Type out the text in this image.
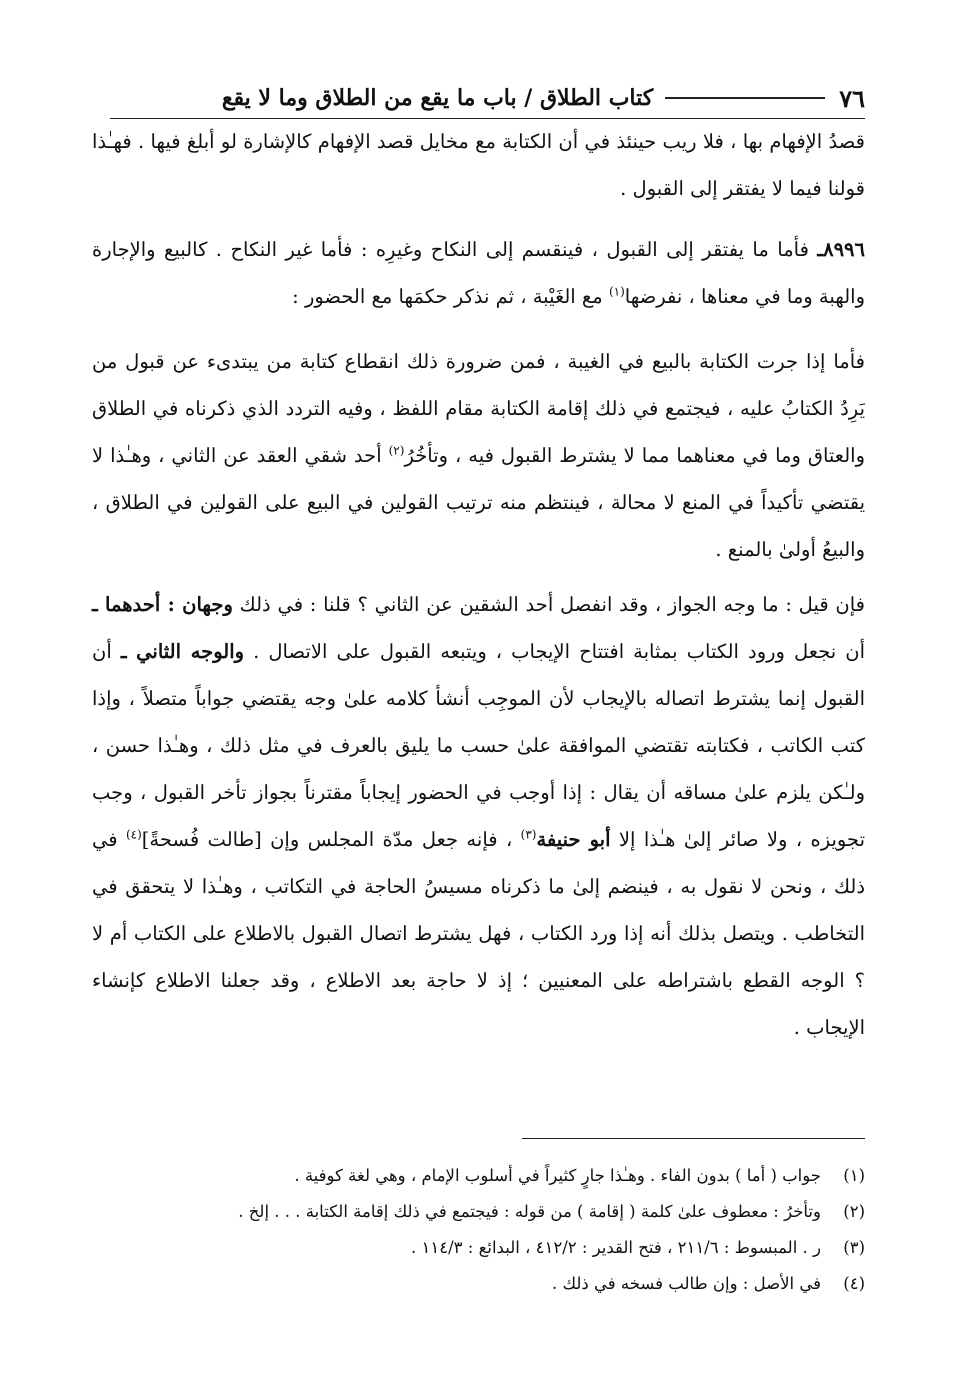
٧٦
كتاب الطلاق / باب ما يقع من الطلاق وما لا يقع

قصدُ الإفهام بها ، فلا ريب حينئذ في أن الكتابة مع مخايل قصد الإفهام كالإشارة لو أبلغ فيها . فهـٰذا قولنا فيما لا يفتقر إلى القبول .

٨٩٩٦ـ فأما ما يفتقر إلى القبول ، فينقسم إلى النكاح وغيرِه : فأما غير النكاح . كالبيع والإجارة والهبة وما في معناها ، نفرضها$^{(١)}$ مع الغَيْبة ، ثم نذكر حكمَها مع الحضور :

فأما إذا جرت الكتابة بالبيع في الغيبة ، فمن ضرورة ذلك انقطاع كتابة من يبتدىء عن قبول من يَرِدُ الكتابُ عليه ، فيجتمع في ذلك إقامة الكتابة مقام اللفظ ، وفيه التردد الذي ذكرناه في الطلاق والعتاق وما في معناهما مما لا يشترط القبول فيه ، وتأخُرُ$^{(٢)}$ أحد شقي العقد عن الثاني ، وهـٰذا لا يقتضي تأكيداً في المنع لا محالة ، فينتظم منه ترتيب القولين في البيع على القولين في الطلاق ، والبيعُ أولىٰ بالمنع .

فإن قيل : ما وجه الجواز ، وقد انفصل أحد الشقين عن الثاني ؟ قلنا : في ذلك وجهان : أحدهما ـ أن نجعل ورود الكتاب بمثابة افتتاح الإيجاب ، ويتبعه القبول على الاتصال . والوجه الثاني ـ أن القبول إنما يشترط اتصاله بالإيجاب لأن الموجِب أنشأ كلامه علىٰ وجه يقتضي جواباً متصلاً ، وإذا كتب الكاتب ، فكتابته تقتضي الموافقة علىٰ حسب ما يليق بالعرف في مثل ذلك ، وهـٰذا حسن ، ولـٰكن يلزم علىٰ مساقه أن يقال : إذا أوجب في الحضور إيجاباً مقترناً بجواز تأخر القبول ، وجب تجويزه ، ولا صائر إلىٰ هـٰذا إلا أبو حنيفة$^{(٣)}$ ، فإنه جعل مدّة المجلس وإن [طالت فُسحةً]$^{(٤)}$ في ذلك ، ونحن لا نقول به ، فينضم إلىٰ ما ذكرناه مسيسُ الحاجة في التكاتب ، وهـٰذا لا يتحقق في التخاطب . ويتصل بذلك أنه إذا ورد الكتاب ، فهل يشترط اتصال القبول بالاطلاع على الكتاب أم لا ؟ الوجه القطع باشتراطه على المعنيين ؛ إذ لا حاجة بعد الاطلاع ، وقد جعلنا الاطلاع كإنشاء الإيجاب .

(١)
جواب ( أما ) بدون الفاء . وهـٰذا جارٍ كثيراً في أسلوب الإمام ، وهي لغة كوفية .
(٢)
وتأخرُ : معطوف علىٰ كلمة ( إقامة ) من قوله : فيجتمع في ذلك إقامة الكتابة . . . إلخ .
(٣)
ر . المبسوط : ٢١١/٦ ، فتح القدير : ٤١٢/٢ ، البدائع : ١١٤/٣ .
(٤)
في الأصل : وإن طالب فسخه في ذلك .
